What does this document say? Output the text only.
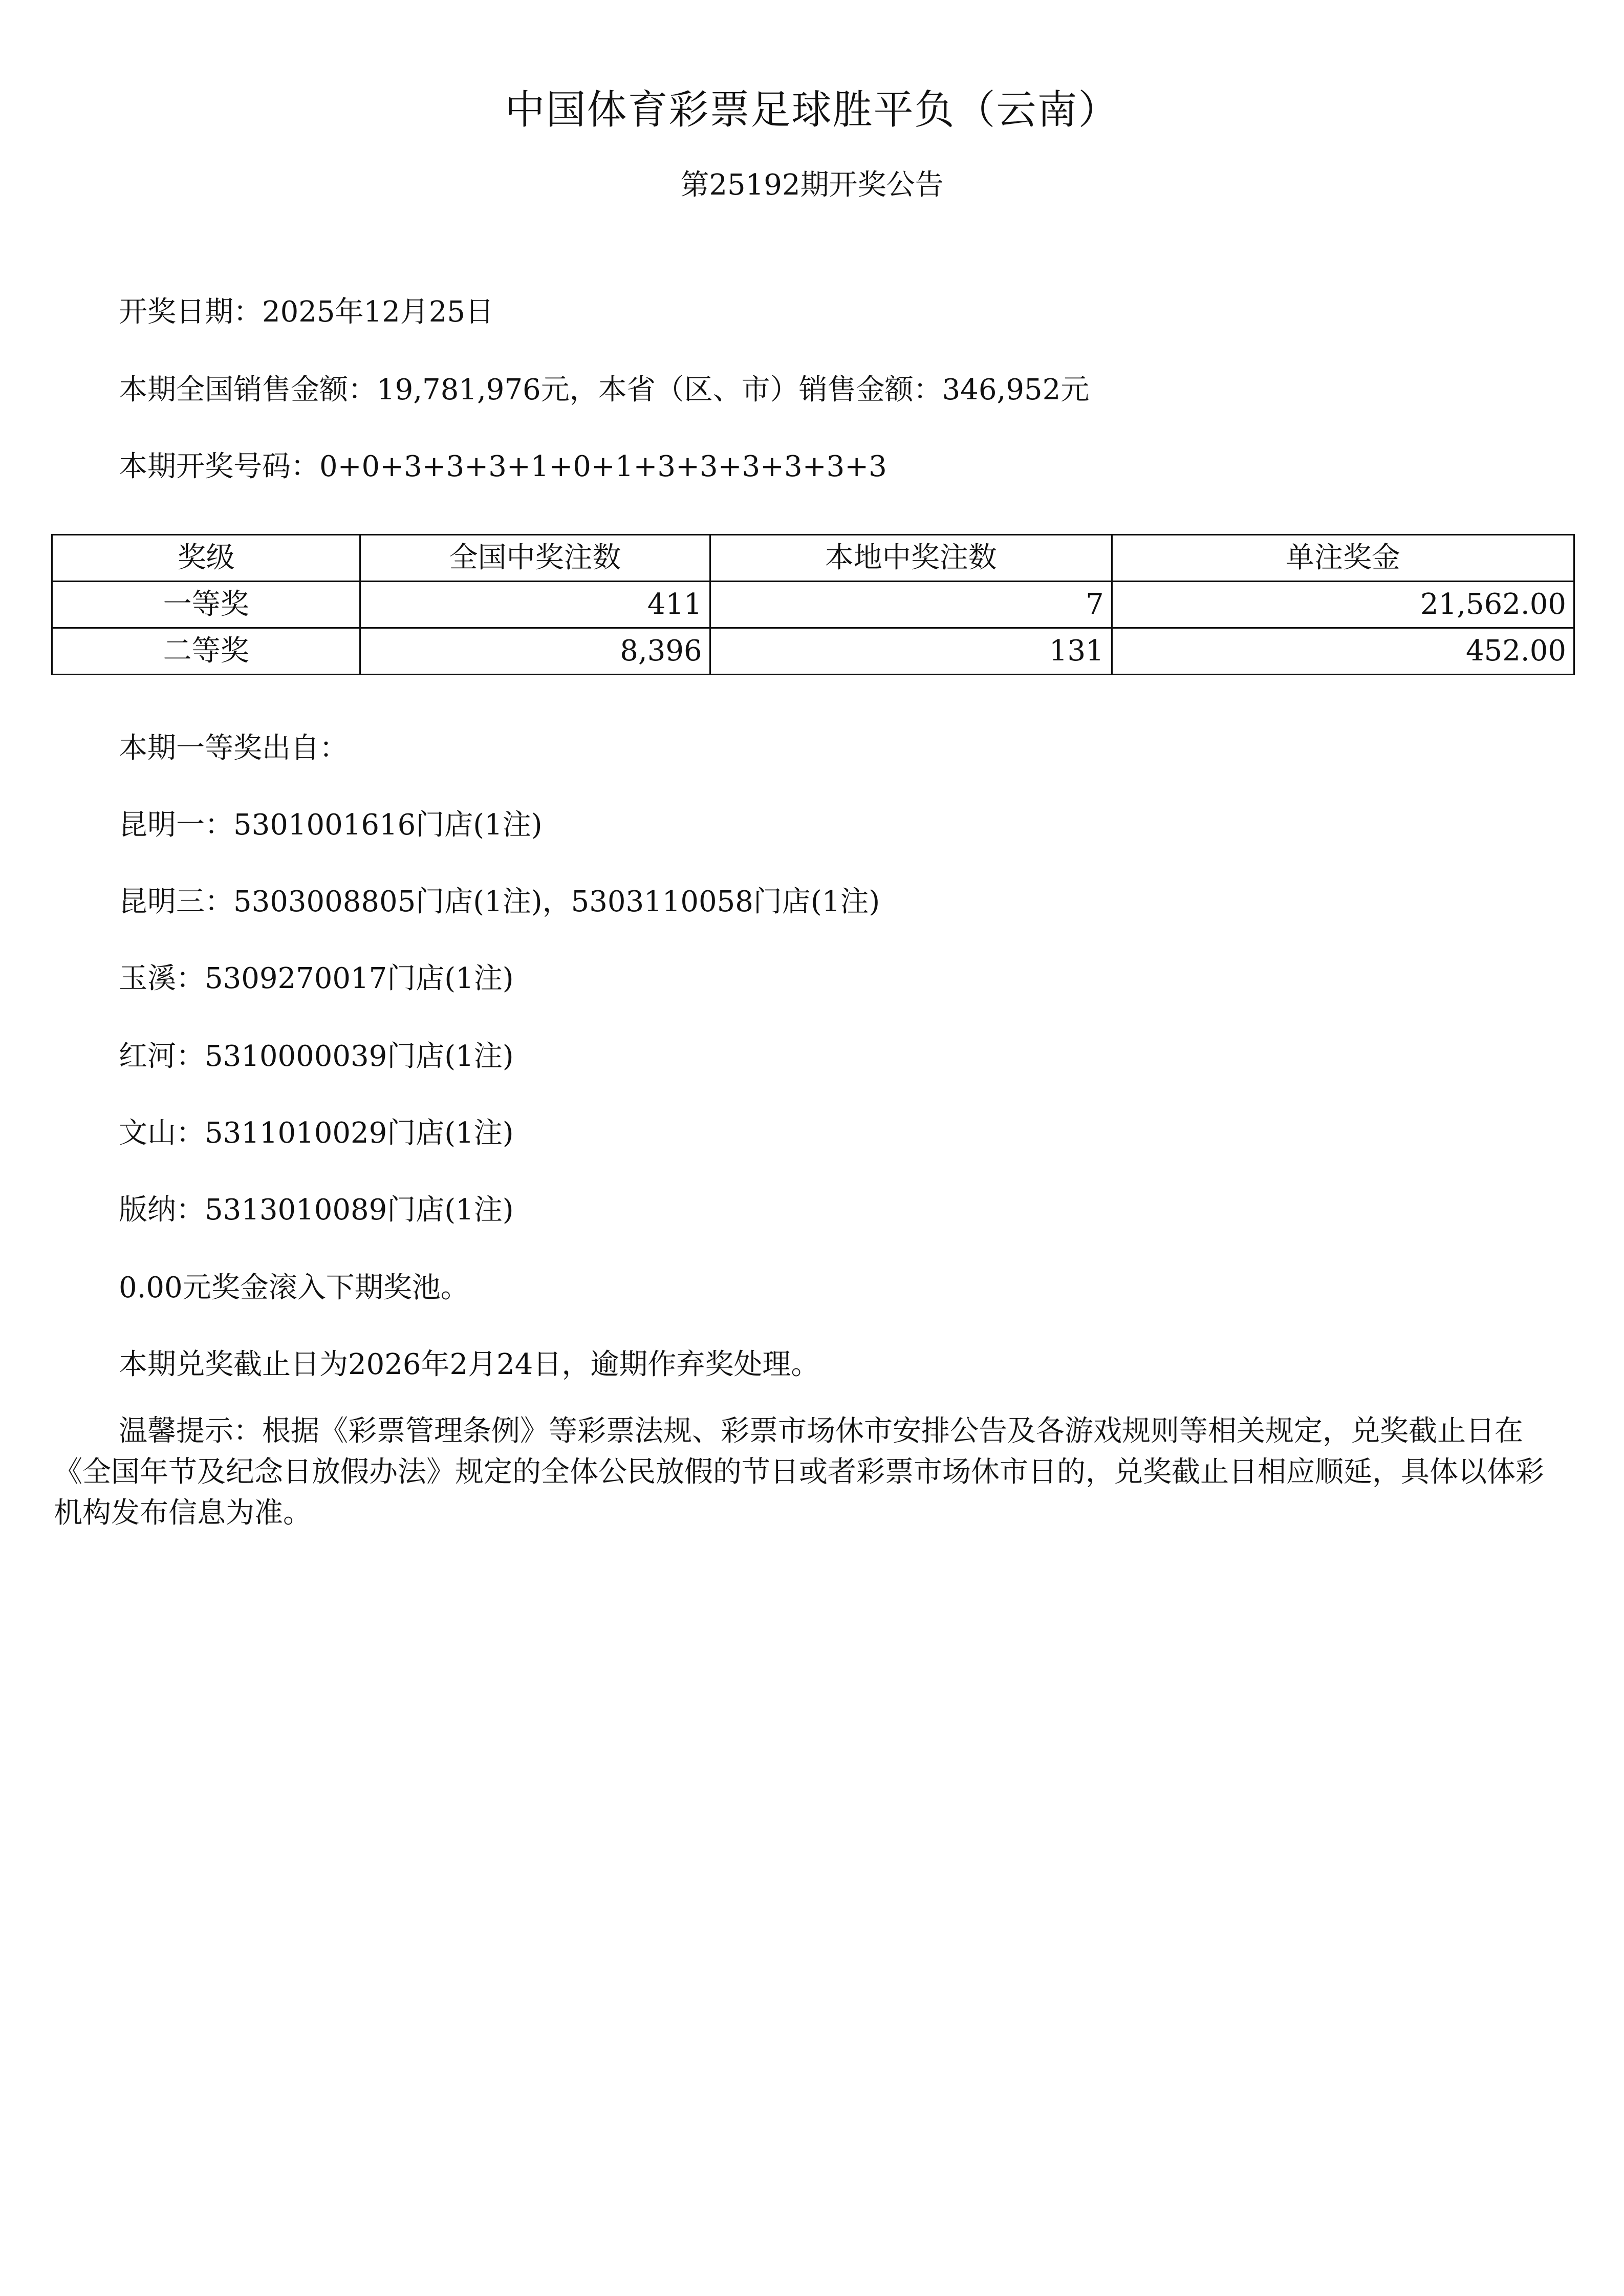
中国体育彩票足球胜平负（云南）
第25192期开奖公告
开奖日期：2025年12月25日
本期全国销售金额：19,781,976元，本省（区、市）销售金额：346,952元
本期开奖号码：0+0+3+3+3+1+0+1+3+3+3+3+3+3
奖级	全国中奖注数	本地中奖注数	单注奖金
一等奖	411	7	21,562.00
二等奖	8,396	131	452.00
本期一等奖出自：
昆明一：5301001616门店(1注)
昆明三：5303008805门店(1注)，5303110058门店(1注)
玉溪：5309270017门店(1注)
红河：5310000039门店(1注)
文山：5311010029门店(1注)
版纳：5313010089门店(1注)
0.00元奖金滚入下期奖池。
本期兑奖截止日为2026年2月24日，逾期作弃奖处理。

温馨提示：根据《彩票管理条例》等彩票法规、彩票市场休市安排公告及各游戏规则等相关规定，兑奖截止日在《全国年节及纪念日放假办法》规定的全体公民放假的节日或者彩票市场休市日的，兑奖截止日相应顺延，具体以体彩机构发布信息为准。
